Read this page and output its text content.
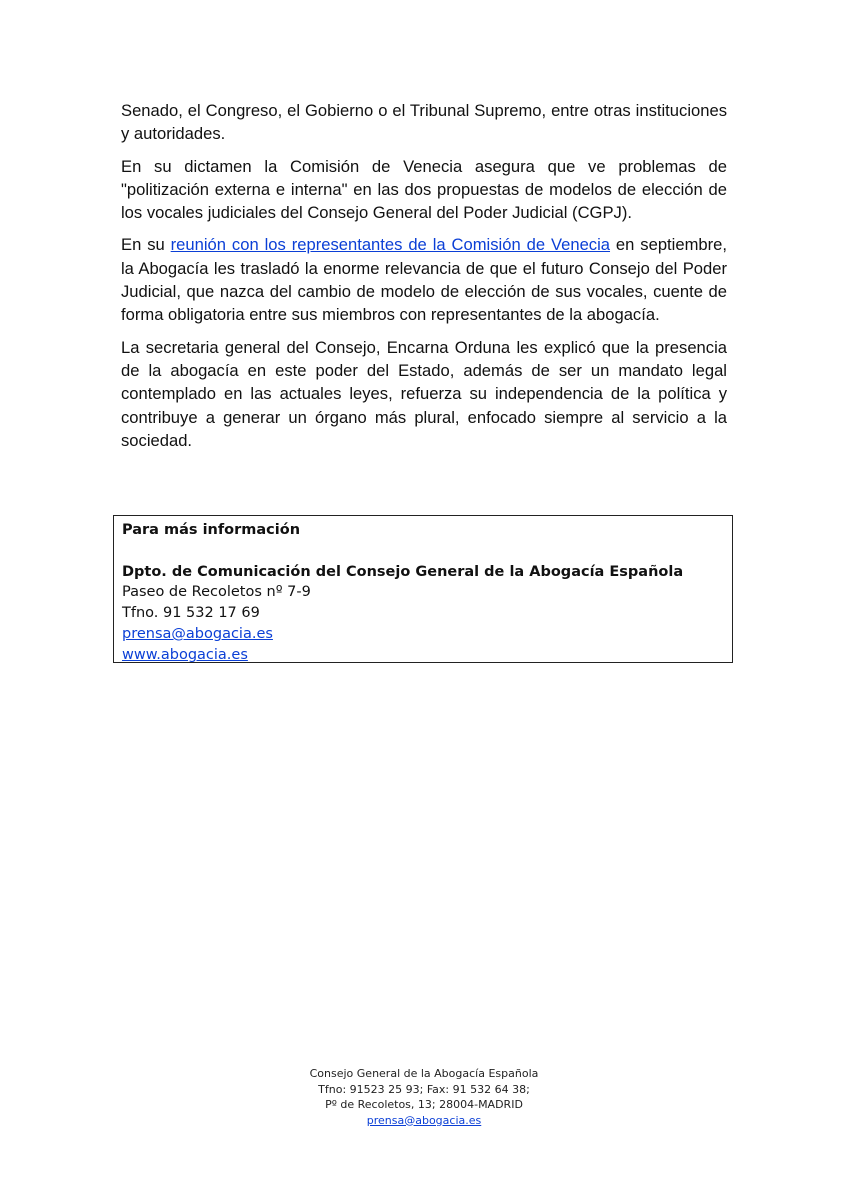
Senado, el Congreso, el Gobierno o el Tribunal Supremo, entre otras instituciones y autoridades.

En su dictamen la Comisión de Venecia asegura que ve problemas de "politización externa e interna" en las dos propuestas de modelos de elección de los vocales judiciales del Consejo General del Poder Judicial (CGPJ).

En su reunión con los representantes de la Comisión de Venecia en septiembre, la Abogacía les trasladó la enorme relevancia de que el futuro Consejo del Poder Judicial, que nazca del cambio de modelo de elección de sus vocales, cuente de forma obligatoria entre sus miembros con representantes de la abogacía.

La secretaria general del Consejo, Encarna Orduna les explicó que la presencia de la abogacía en este poder del Estado, además de ser un mandato legal contemplado en las actuales leyes, refuerza su independencia de la política y contribuye a generar un órgano más plural, enfocado siempre al servicio a la sociedad.

Para más información
Dpto. de Comunicación del Consejo General de la Abogacía Española
Paseo de Recoletos nº 7-9
Tfno. 91 532 17 69
prensa@abogacia.es
www.abogacia.es
Consejo General de la Abogacía Española
Tfno: 91523 25 93; Fax: 91 532 64 38;
Pº de Recoletos, 13; 28004-MADRID
prensa@abogacia.es
